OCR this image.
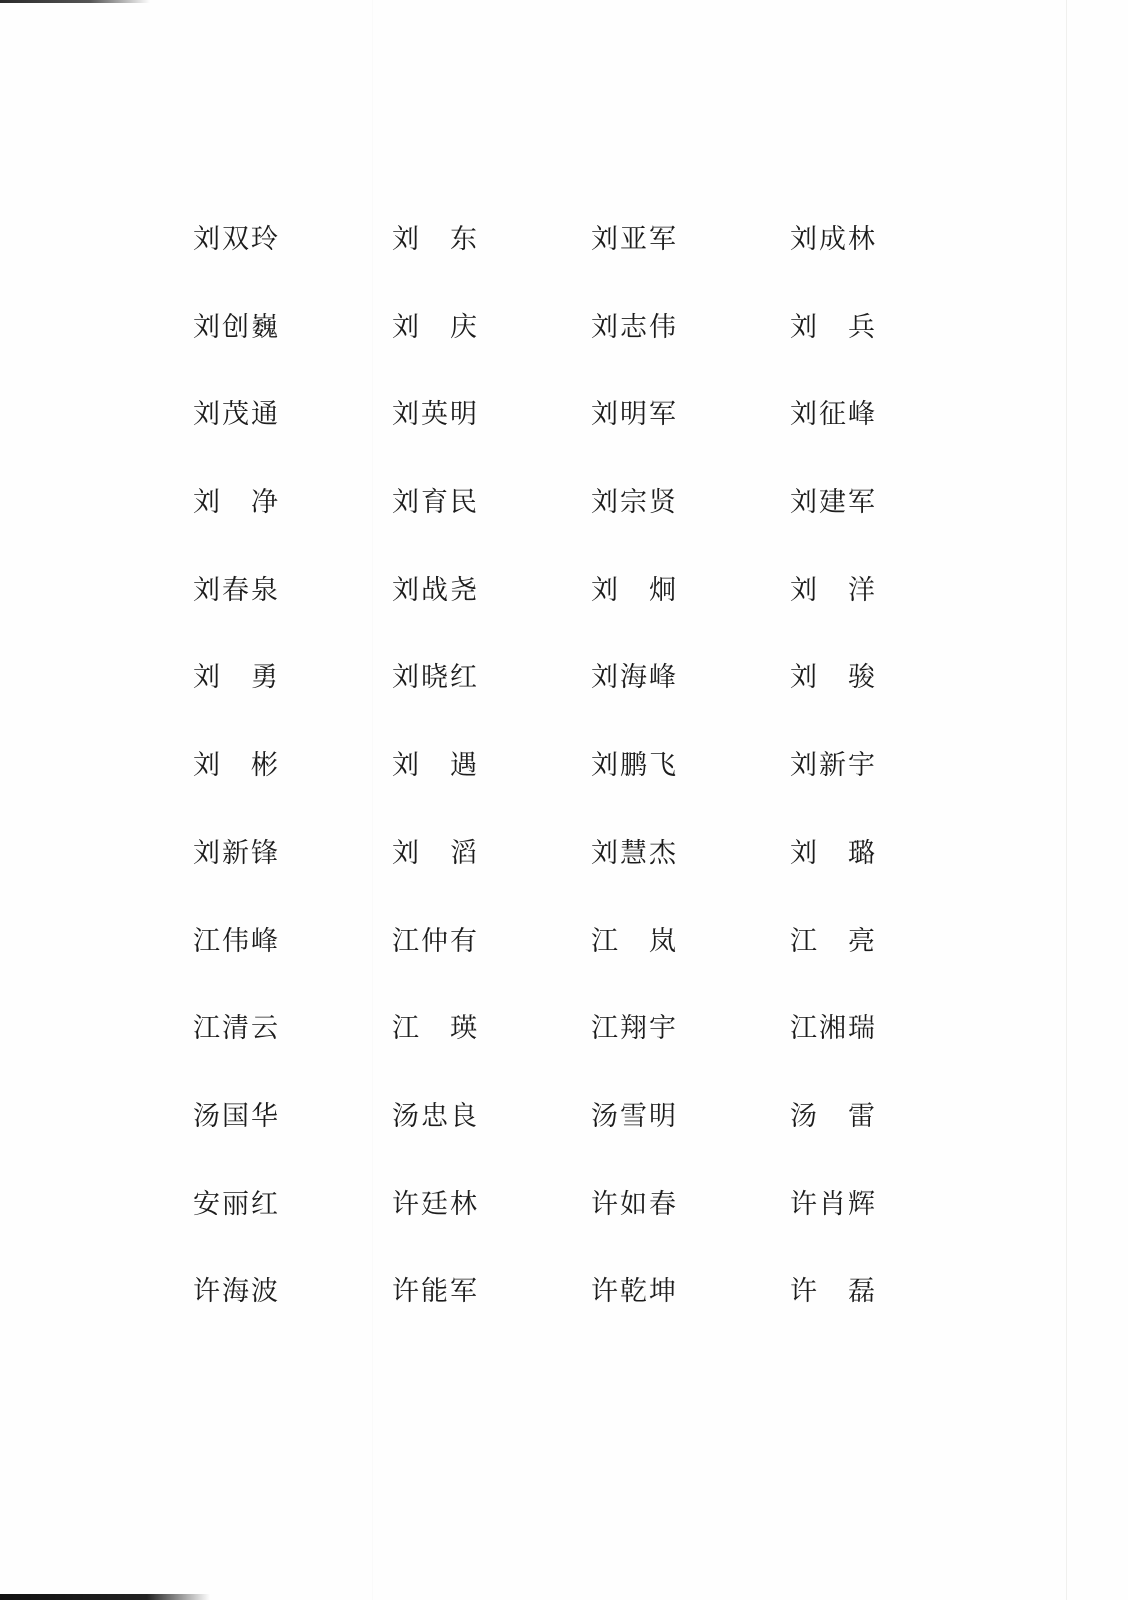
刘双玲	刘　东	刘亚军	刘成林
刘创巍	刘　庆	刘志伟	刘　兵
刘茂通	刘英明	刘明军	刘征峰
刘　净	刘育民	刘宗贤	刘建军
刘春泉	刘战尧	刘　炯	刘　洋
刘　勇	刘晓红	刘海峰	刘　骏
刘　彬	刘　遇	刘鹏飞	刘新宇
刘新锋	刘　滔	刘慧杰	刘　璐
江伟峰	江仲有	江　岚	江　亮
江清云	江　瑛	江翔宇	江湘瑞
汤国华	汤忠良	汤雪明	汤　雷
安丽红	许廷林	许如春	许肖辉
许海波	许能军	许乾坤	许　磊
